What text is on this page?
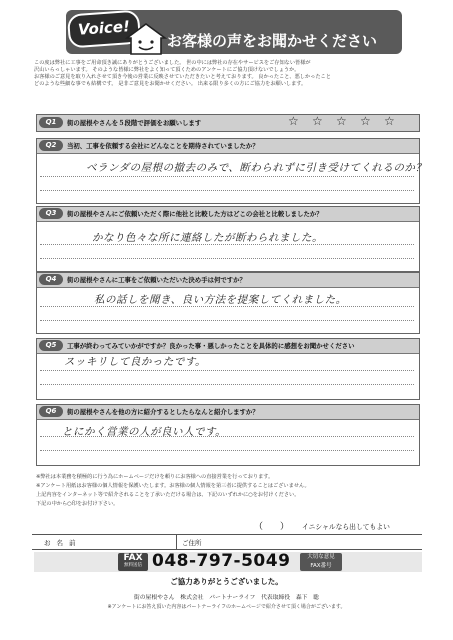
Voice!
お客様の声をお聞かせください
この度は弊社に工事をご用命頂き誠にありがとうございました。 世の中には弊社の存在やサービスをご存知ない皆様が
沢山いらっしゃいます。 そのような皆様に弊社をよく知って頂くためのアンケートにご協力頂けないでしょうか。
お客様のご意見を取り入れさせて頂き今後の営業に反映させていただきたいと考えております。 良かったこと、悪しかったこと
どのような些細な事でも結構です。 是非ご意見をお聞かせください。 出来る限り多くの方にご協力をお願いします。
Q1	街の屋根やさんを５段階で評価をお願いします	☆ ☆ ☆ ☆ ☆
Q2	当初、工事を依頼する会社にどんなことを期待されていましたか？
ベランダの屋根の撤去のみで、断わられずに引き受けてくれるのか？
Q3	街の屋根やさんにご依頼いただく際に他社と比較した方はどこの会社と比較しましたか？
かなり色々な所に連絡したが断わられました。
Q4	街の屋根やさんに工事をご依頼いただいた決め手は何ですか？
私の話しを聞き、良い方法を提案してくれました。
Q5	工事が終わってみていかがですか？良かった事・悪しかったことを具体的に感想をお聞かせください
スッキリして良かったです。
Q6	街の屋根やさんを他の方に紹介するとしたらなんと紹介しますか？
とにかく営業の人が良い人です。
※弊社は本業務を積極的に行う為にホームページだけを頼りにお客様への直接営業を行っております。
※アンケート用紙はお客様の個人情報を保護いたします。お客様の個人情報を第三者に提供することはございません。
上記内容をインターネット等で紹介されることを了承いただける場合は、下記のいずれかに○をお付けください。
下記の中から○印をお付け下さい。
（ ） イニシャルなら出してもよい
お名前	ご住所
FAX
無料送信 048-797-5049	大切な意見
FAX番号
ご協力ありがとうございました。
街の屋根やさん　株式会社　パートナーライフ　代表取締役　森下　聡
※アンケートにお答え頂いた内容はパートナーライフのホームページで紹介させて頂く場合がございます。
